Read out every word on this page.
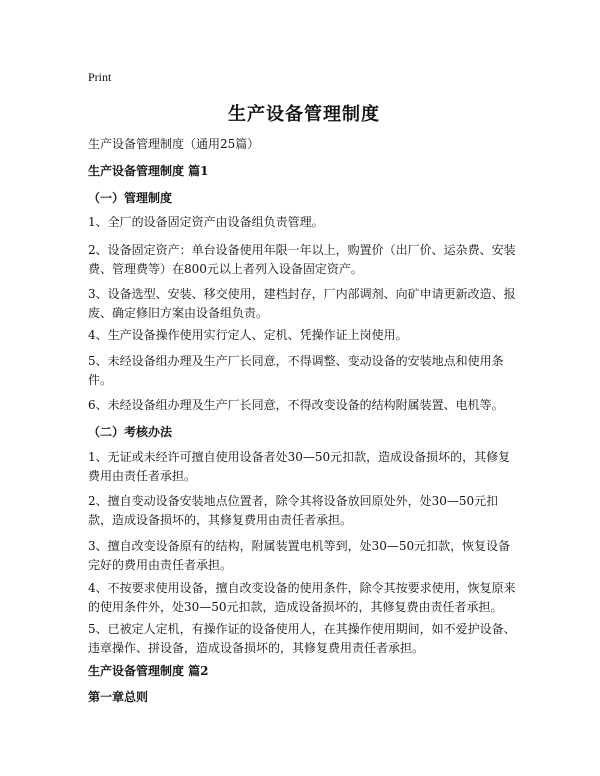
Print
生产设备管理制度
生产设备管理制度（通用25篇）
生产设备管理制度 篇1
（一）管理制度
1、全厂的设备固定资产由设备组负责管理。
2、设备固定资产：单台设备使用年限一年以上，购置价（出厂价、运杂费、安装费、管理费等）在800元以上者列入设备固定资产。
3、设备选型、安装、移交使用，建档封存，厂内部调剂、向矿申请更新改造、报废、确定修旧方案由设备组负责。
4、生产设备操作使用实行定人、定机、凭操作证上岗使用。
5、未经设备组办理及生产厂长同意，不得调整、变动设备的安装地点和使用条件。
6、未经设备组办理及生产厂长同意，不得改变设备的结构附属装置、电机等。
（二）考核办法
1、无证或未经许可擅自使用设备者处30—50元扣款，造成设备损坏的，其修复费用由责任者承担。
2、擅自变动设备安装地点位置者，除令其将设备放回原处外，处30—50元扣款，造成设备损坏的，其修复费用由责任者承担。
3、擅自改变设备原有的结构，附属装置电机等到，处30—50元扣款，恢复设备完好的费用由责任者承担。
4、不按要求使用设备，擅自改变设备的使用条件，除令其按要求使用，恢复原来的使用条件外，处30—50元扣款，造成设备损坏的，其修复费由责任者承担。
5、已被定人定机，有操作证的设备使用人，在其操作使用期间，如不爱护设备、违章操作、拼设备，造成设备损坏的，其修复费用责任者承担。
生产设备管理制度 篇2
第一章总则
